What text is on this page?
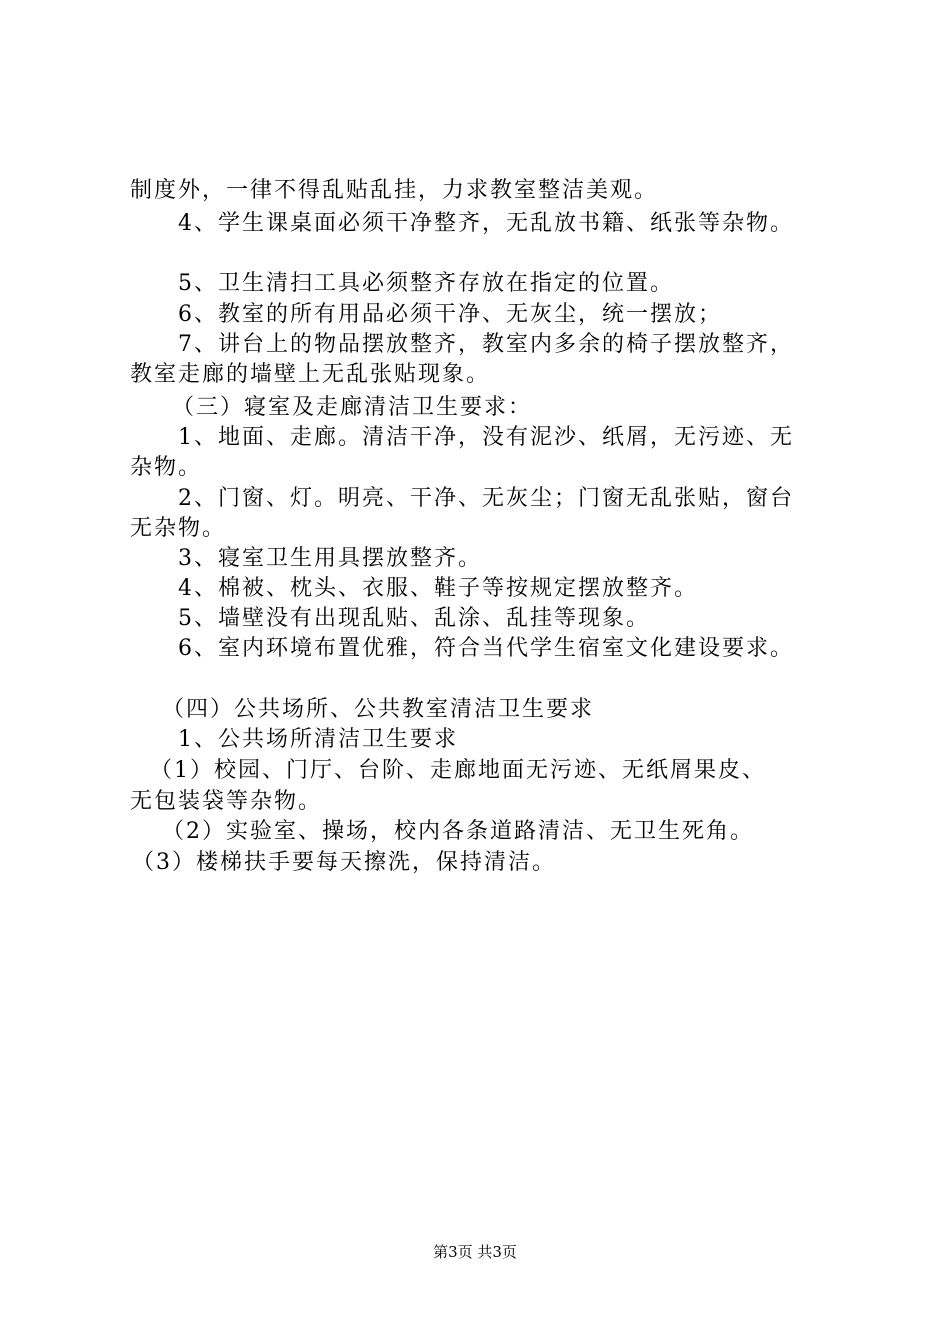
制度外，一律不得乱贴乱挂，力求教室整洁美观。
4、学生课桌面必须干净整齐，无乱放书籍、纸张等杂物。
5、卫生清扫工具必须整齐存放在指定的位置。
6、教室的所有用品必须干净、无灰尘，统一摆放；
7、讲台上的物品摆放整齐，教室内多余的椅子摆放整齐，
教室走廊的墙壁上无乱张贴现象。
（三）寝室及走廊清洁卫生要求：
1、地面、走廊。清洁干净，没有泥沙、纸屑，无污迹、无
杂物。
2、门窗、灯。明亮、干净、无灰尘；门窗无乱张贴，窗台
无杂物。
3、寝室卫生用具摆放整齐。
4、棉被、枕头、衣服、鞋子等按规定摆放整齐。
5、墙壁没有出现乱贴、乱涂、乱挂等现象。
6、室内环境布置优雅，符合当代学生宿室文化建设要求。
（四）公共场所、公共教室清洁卫生要求
1、公共场所清洁卫生要求
（1）校园、门厅、台阶、走廊地面无污迹、无纸屑果皮、
无包装袋等杂物。
（2）实验室、操场，校内各条道路清洁、无卫生死角。
（3）楼梯扶手要每天擦洗，保持清洁。
第3页 共3页
